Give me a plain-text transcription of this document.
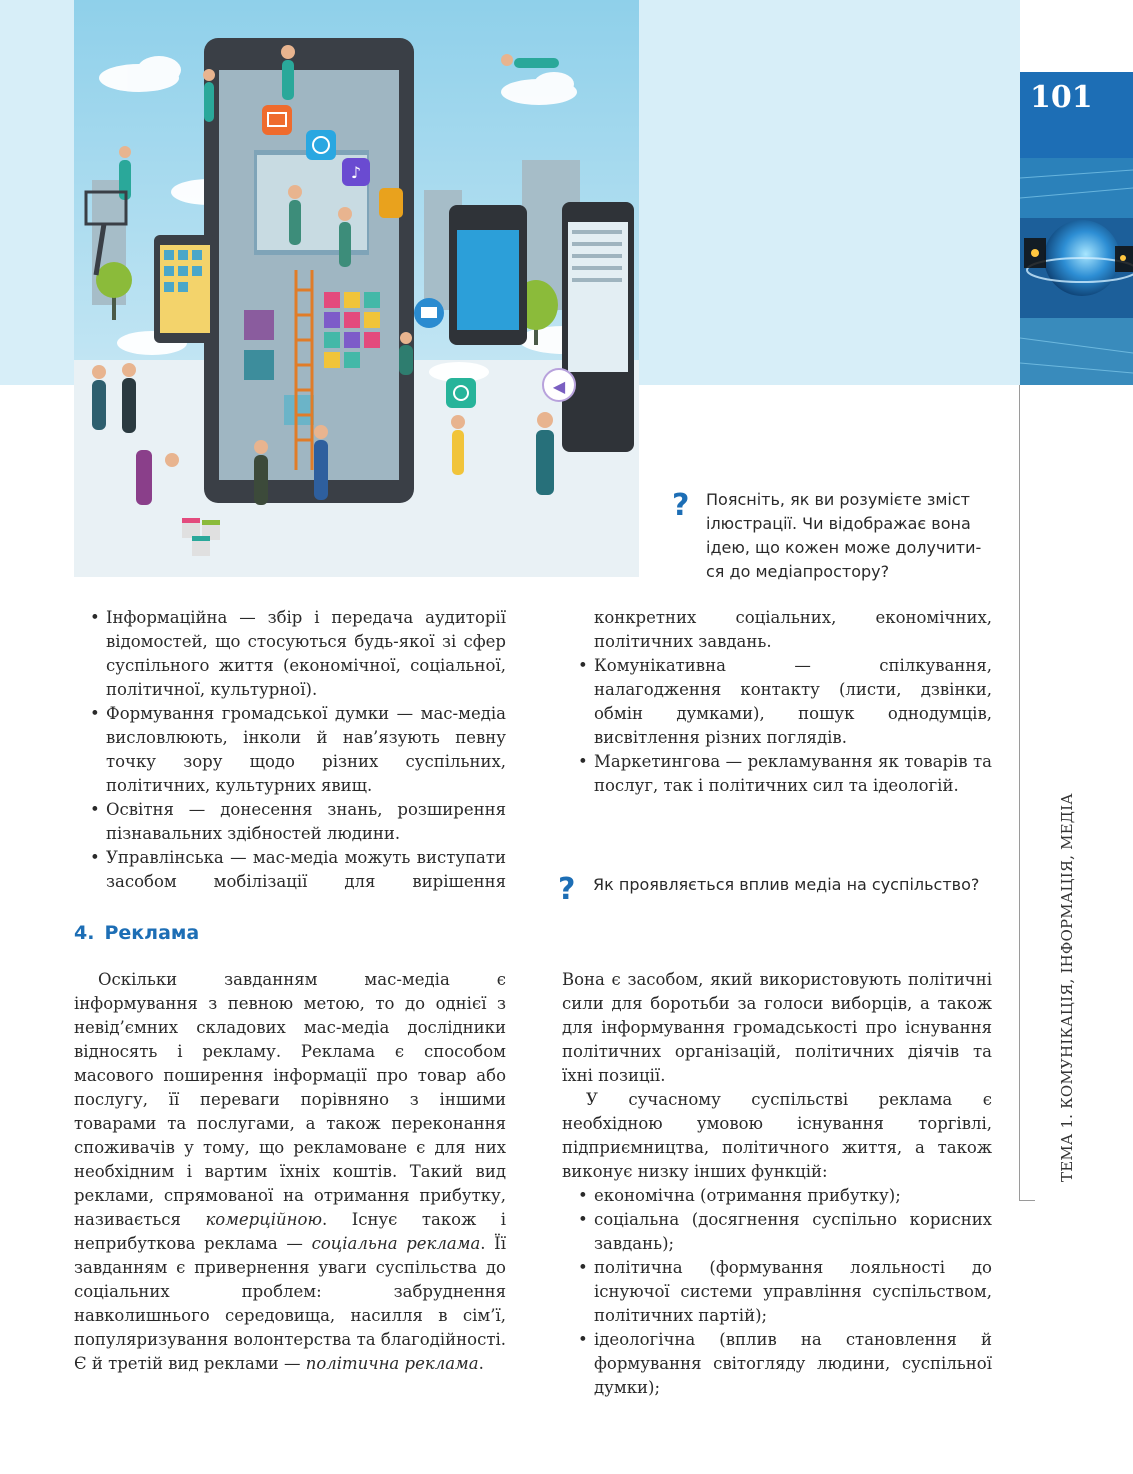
♪
◀
101
ТЕМА 1. КОМУНІКАЦІЯ, ІНФОРМАЦІЯ, МЕДІА
? Поясніть, як ви розумієте зміст
ілюстрації. Чи відображає вона
ідею, що кожен може долучити-
ся до медіапростору?
• Інформаційна — збір і передача аудиторії відомостей, що стосуються будь-якої зі сфер суспільного життя (економічної, соціальної, політичної, культурної).
• Формування громадської думки — мас-медіа висловлюють, інколи й нав’язують певну точку зору щодо різних суспільних, політичних, культурних явищ.
• Освітня — донесення знань, розширення пізнавальних здібностей людини.
• Управлінська — мас-медіа можуть виступати засобом мобілізації для вирішення

конкретних соціальних, економічних, політичних завдань.

• Комунікативна — спілкування, налагодження контакту (листи, дзвінки, обмін думками), пошук однодумців, висвітлення різних поглядів.
• Маркетингова — рекламування як товарів та послуг, так і політичних сил та ідеологій.
? Як проявляється вплив медіа на суспільство?
4. Реклама

Оскільки завданням мас-медіа є інформування з певною метою, то до однієї з невід’ємних складових мас-медіа дослідники відносять і рекламу. Реклама є способом масового поширення інформації про товар або послугу, її переваги порівняно з іншими товарами та послугами, а також переконання споживачів у тому, що рекламоване є для них необхідним і вартим їхніх коштів. Такий вид реклами, спрямованої на отримання прибутку, називається комерційною. Існує також і неприбуткова реклама — соціальна реклама. Її завданням є привернення уваги суспільства до соціальних проблем: забруднення навколишнього середовища, насилля в сім’ї, популяризування волонтерства та благодійності. Є й третій вид реклами — політична реклама.

Вона є засобом, який використовують політичні сили для боротьби за голоси виборців, а також для інформування громадськості про існування політичних організацій, політичних діячів та їхні позиції.

У сучасному суспільстві реклама є необхідною умовою існування торгівлі, підприємництва, політичного життя, а також виконує низку інших функцій:

• економічна (отримання прибутку);
• соціальна (досягнення суспільно корисних завдань);
• політична (формування лояльності до існуючої системи управління суспільством, політичних партій);
• ідеологічна (вплив на становлення й формування світогляду людини, суспільної думки);
